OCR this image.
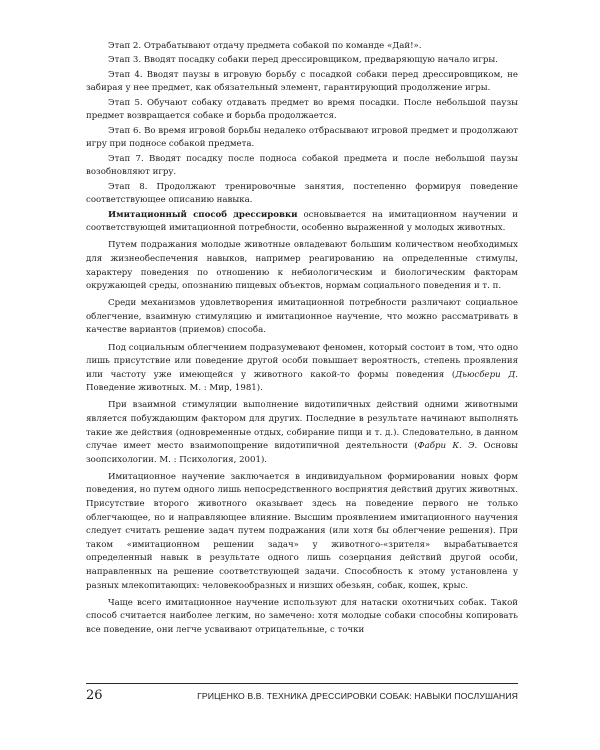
Этап 2. Отрабатывают отдачу предмета собакой по команде «Дай!».

Этап 3. Вводят посадку собаки перед дрессировщиком, предваряющую начало игры.

Этап 4. Вводят паузы в игровую борьбу с посадкой собаки перед дрессировщиком, не забирая у нее предмет, как обязательный элемент, гарантирующий продолжение игры.

Этап 5. Обучают собаку отдавать предмет во время посадки. После небольшой паузы предмет возвращается собаке и борьба продолжается.

Этап 6. Во время игровой борьбы недалеко отбрасывают игровой предмет и продолжают игру при подносе собакой предмета.

Этап 7. Вводят посадку после подноса собакой предмета и после небольшой паузы возобновляют игру.

Этап 8. Продолжают тренировочные занятия, постепенно формируя поведение соответствующее описанию навыка.

Имитационный способ дрессировки основывается на имитационном научении и соответствующей имитационной потребности, особенно выраженной у молодых животных.

Путем подражания молодые животные овладевают большим количеством необходимых для жизнеобеспечения навыков, например реагированию на определенные стимулы, характеру поведения по отношению к небиологическим и биологическим факторам окружающей среды, опознанию пищевых объектов, нормам социального поведения и т. п.

Среди механизмов удовлетворения имитационной потребности различают социальное облегчение, взаимную стимуляцию и имитационное научение, что можно рассматривать в качестве вариантов (приемов) способа.

Под социальным облегчением подразумевают феномен, который состоит в том, что одно лишь присутствие или поведение другой особи повышает вероятность, степень проявления или частоту уже имеющейся у животного какой-то формы поведения (Дьюсбери Д. Поведение животных. М. : Мир, 1981).

При взаимной стимуляции выполнение видотипичных действий одними животными является побуждающим фактором для других. Последние в результате начинают выполнять такие же действия (одновременные отдых, собирание пищи и т. д.). Следовательно, в данном случае имеет место взаимопощрение видотипичной деятельности (Фабри К. Э. Основы зоопсихологии. М. : Психология, 2001).

Имитационное научение заключается в индивидуальном формировании новых форм поведения, но путем одного лишь непосредственного восприятия действий других животных. Присутствие второго животного оказывает здесь на поведение первого не только облегчающее, но и направляющее влияние. Высшим проявлением имитационного научения следует считать решение задач путем подражания (или хотя бы облегчение решения). При таком «имитационном решении задач» у животного-«зрителя» вырабатывается определенный навык в результате одного лишь созерцания действий другой особи, направленных на решение соответствующей задачи. Способность к этому установлена у разных млекопитающих: человекообразных и низших обезьян, собак, кошек, крыс.

Чаще всего имитационное научение используют для натаски охотничьих собак. Такой способ считается наиболее легким, но замечено: хотя молодые собаки способны копировать все поведение, они легче усваивают отрицательные, с точки

26	ГРИЦЕНКО В.В. ТЕХНИКА ДРЕССИРОВКИ СОБАК: НАВЫКИ ПОСЛУШАНИЯ
